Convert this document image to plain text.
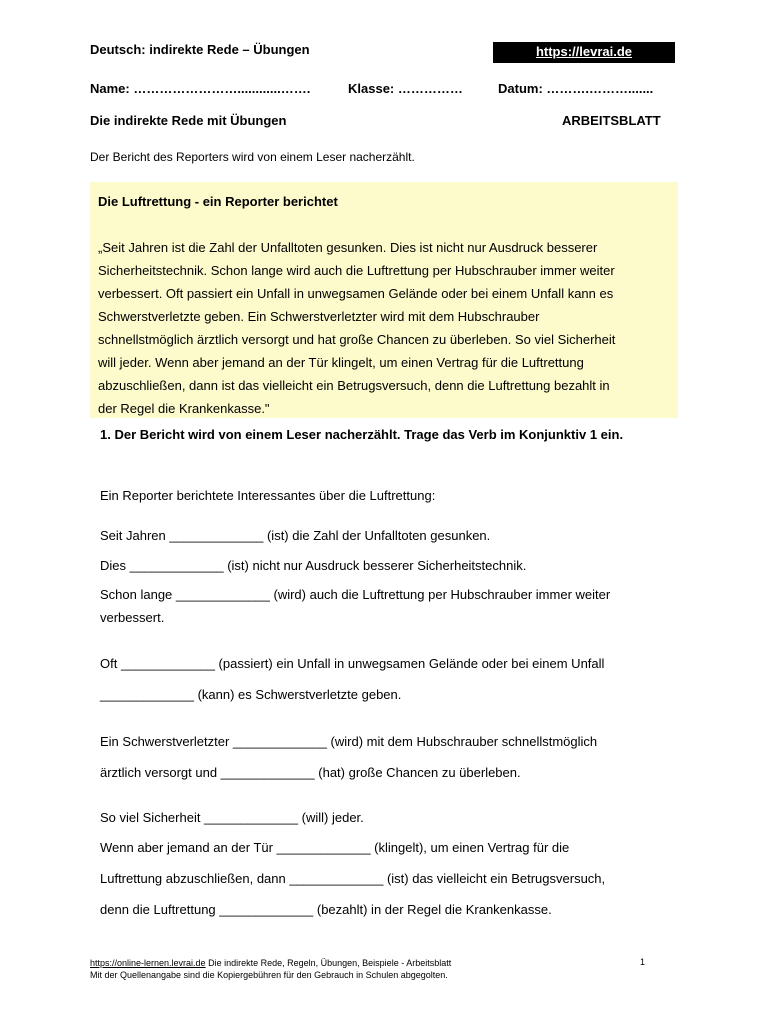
Deutsch: indirekte Rede – Übungen	https://levrai.de
Name: ……………………............…….	Klasse: ……………	Datum: ……….……….......
Die indirekte Rede mit Übungen	ARBEITSBLATT
Der Bericht des Reporters wird von einem Leser nacherzählt.
Die Luftrettung - ein Reporter berichtet
„Seit Jahren ist die Zahl der Unfalltoten gesunken. Dies ist nicht nur Ausdruck besserer
Sicherheitstechnik. Schon lange wird auch die Luftrettung per Hubschrauber immer weiter
verbessert. Oft passiert ein Unfall in unwegsamen Gelände oder bei einem Unfall kann es
Schwerstverletzte geben. Ein Schwerstverletzter wird mit dem Hubschrauber
schnellstmöglich ärztlich versorgt und hat große Chancen zu überleben. So viel Sicherheit
will jeder. Wenn aber jemand an der Tür klingelt, um einen Vertrag für die Luftrettung
abzuschließen, dann ist das vielleicht ein Betrugsversuch, denn die Luftrettung bezahlt in
der Regel die Krankenkasse."
1. Der Bericht wird von einem Leser nacherzählt. Trage das Verb im Konjunktiv 1 ein.
Ein Reporter berichtete Interessantes über die Luftrettung:
Seit Jahren _____________ (ist) die Zahl der Unfalltoten gesunken.
Dies _____________ (ist) nicht nur Ausdruck besserer Sicherheitstechnik.
Schon lange _____________ (wird) auch die Luftrettung per Hubschrauber immer weiter
verbessert.
Oft _____________ (passiert) ein Unfall in unwegsamen Gelände oder bei einem Unfall
_____________ (kann) es Schwerstverletzte geben.
Ein Schwerstverletzter _____________ (wird) mit dem Hubschrauber schnellstmöglich
ärztlich versorgt und _____________ (hat) große Chancen zu überleben.
So viel Sicherheit _____________ (will) jeder.
Wenn aber jemand an der Tür _____________ (klingelt), um einen Vertrag für die
Luftrettung abzuschließen, dann _____________ (ist) das vielleicht ein Betrugsversuch,
denn die Luftrettung _____________ (bezahlt) in der Regel die Krankenkasse.
https://online-lernen.levrai.de Die indirekte Rede, Regeln, Übungen, Beispiele - Arbeitsblatt
Mit der Quellenangabe sind die Kopiergebühren für den Gebrauch in Schulen abgegolten.
1
